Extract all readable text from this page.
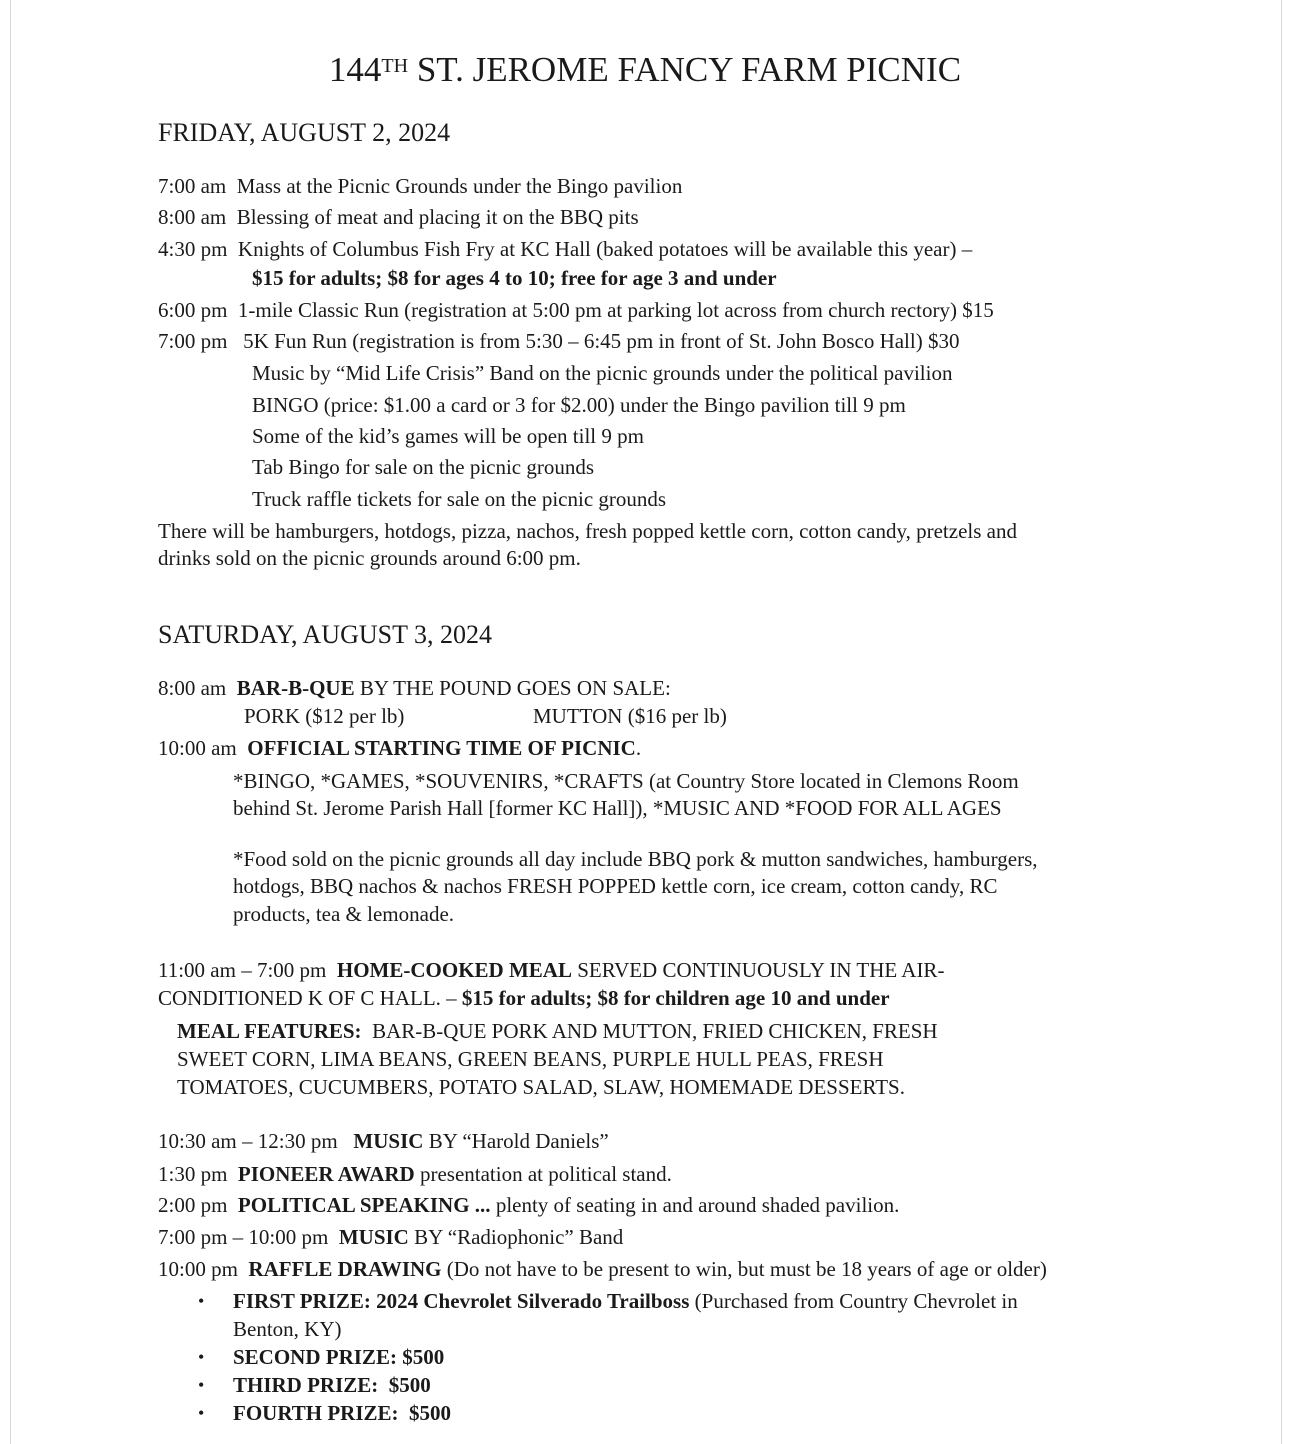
144TH ST. JEROME FANCY FARM PICNIC
FRIDAY, AUGUST 2, 2024
SATURDAY, AUGUST 3, 2024
7:00 am  Mass at the Picnic Grounds under the Bingo pavilion
8:00 am  Blessing of meat and placing it on the BBQ pits
4:30 pm  Knights of Columbus Fish Fry at KC Hall (baked potatoes will be available this year) –
$15 for adults; $8 for ages 4 to 10; free for age 3 and under
6:00 pm  1-mile Classic Run (registration at 5:00 pm at parking lot across from church rectory) $15
7:00 pm   5K Fun Run (registration is from 5:30 – 6:45 pm in front of St. John Bosco Hall) $30
Music by “Mid Life Crisis” Band on the picnic grounds under the political pavilion
BINGO (price: $1.00 a card or 3 for $2.00) under the Bingo pavilion till 9 pm
Some of the kid’s games will be open till 9 pm
Tab Bingo for sale on the picnic grounds
Truck raffle tickets for sale on the picnic grounds
There will be hamburgers, hotdogs, pizza, nachos, fresh popped kettle corn, cotton candy, pretzels and
drinks sold on the picnic grounds around 6:00 pm.
8:00 am  BAR-B-QUE BY THE POUND GOES ON SALE:
PORK ($12 per lb)	MUTTON ($16 per lb)
10:00 am  OFFICIAL STARTING TIME OF PICNIC.
*BINGO, *GAMES, *SOUVENIRS, *CRAFTS (at Country Store located in Clemons Room
behind St. Jerome Parish Hall [former KC Hall]), *MUSIC AND *FOOD FOR ALL AGES
*Food sold on the picnic grounds all day include BBQ pork & mutton sandwiches, hamburgers,
hotdogs, BBQ nachos & nachos FRESH POPPED kettle corn, ice cream, cotton candy, RC
products, tea & lemonade.
11:00 am – 7:00 pm  HOME-COOKED MEAL SERVED CONTINUOUSLY IN THE AIR-
CONDITIONED K OF C HALL. – $15 for adults; $8 for children age 10 and under
MEAL FEATURES:  BAR-B-QUE PORK AND MUTTON, FRIED CHICKEN, FRESH
SWEET CORN, LIMA BEANS, GREEN BEANS, PURPLE HULL PEAS, FRESH
TOMATOES, CUCUMBERS, POTATO SALAD, SLAW, HOMEMADE DESSERTS.
10:30 am – 12:30 pm   MUSIC BY “Harold Daniels”
1:30 pm  PIONEER AWARD presentation at political stand.
2:00 pm  POLITICAL SPEAKING ... plenty of seating in and around shaded pavilion.
7:00 pm – 10:00 pm  MUSIC BY “Radiophonic” Band
10:00 pm  RAFFLE DRAWING (Do not have to be present to win, but must be 18 years of age or older)
FIRST PRIZE: 2024 Chevrolet Silverado Trailboss (Purchased from Country Chevrolet in
Benton, KY)
SECOND PRIZE: $500
THIRD PRIZE:  $500
FOURTH PRIZE:  $500
•
•
•
•
